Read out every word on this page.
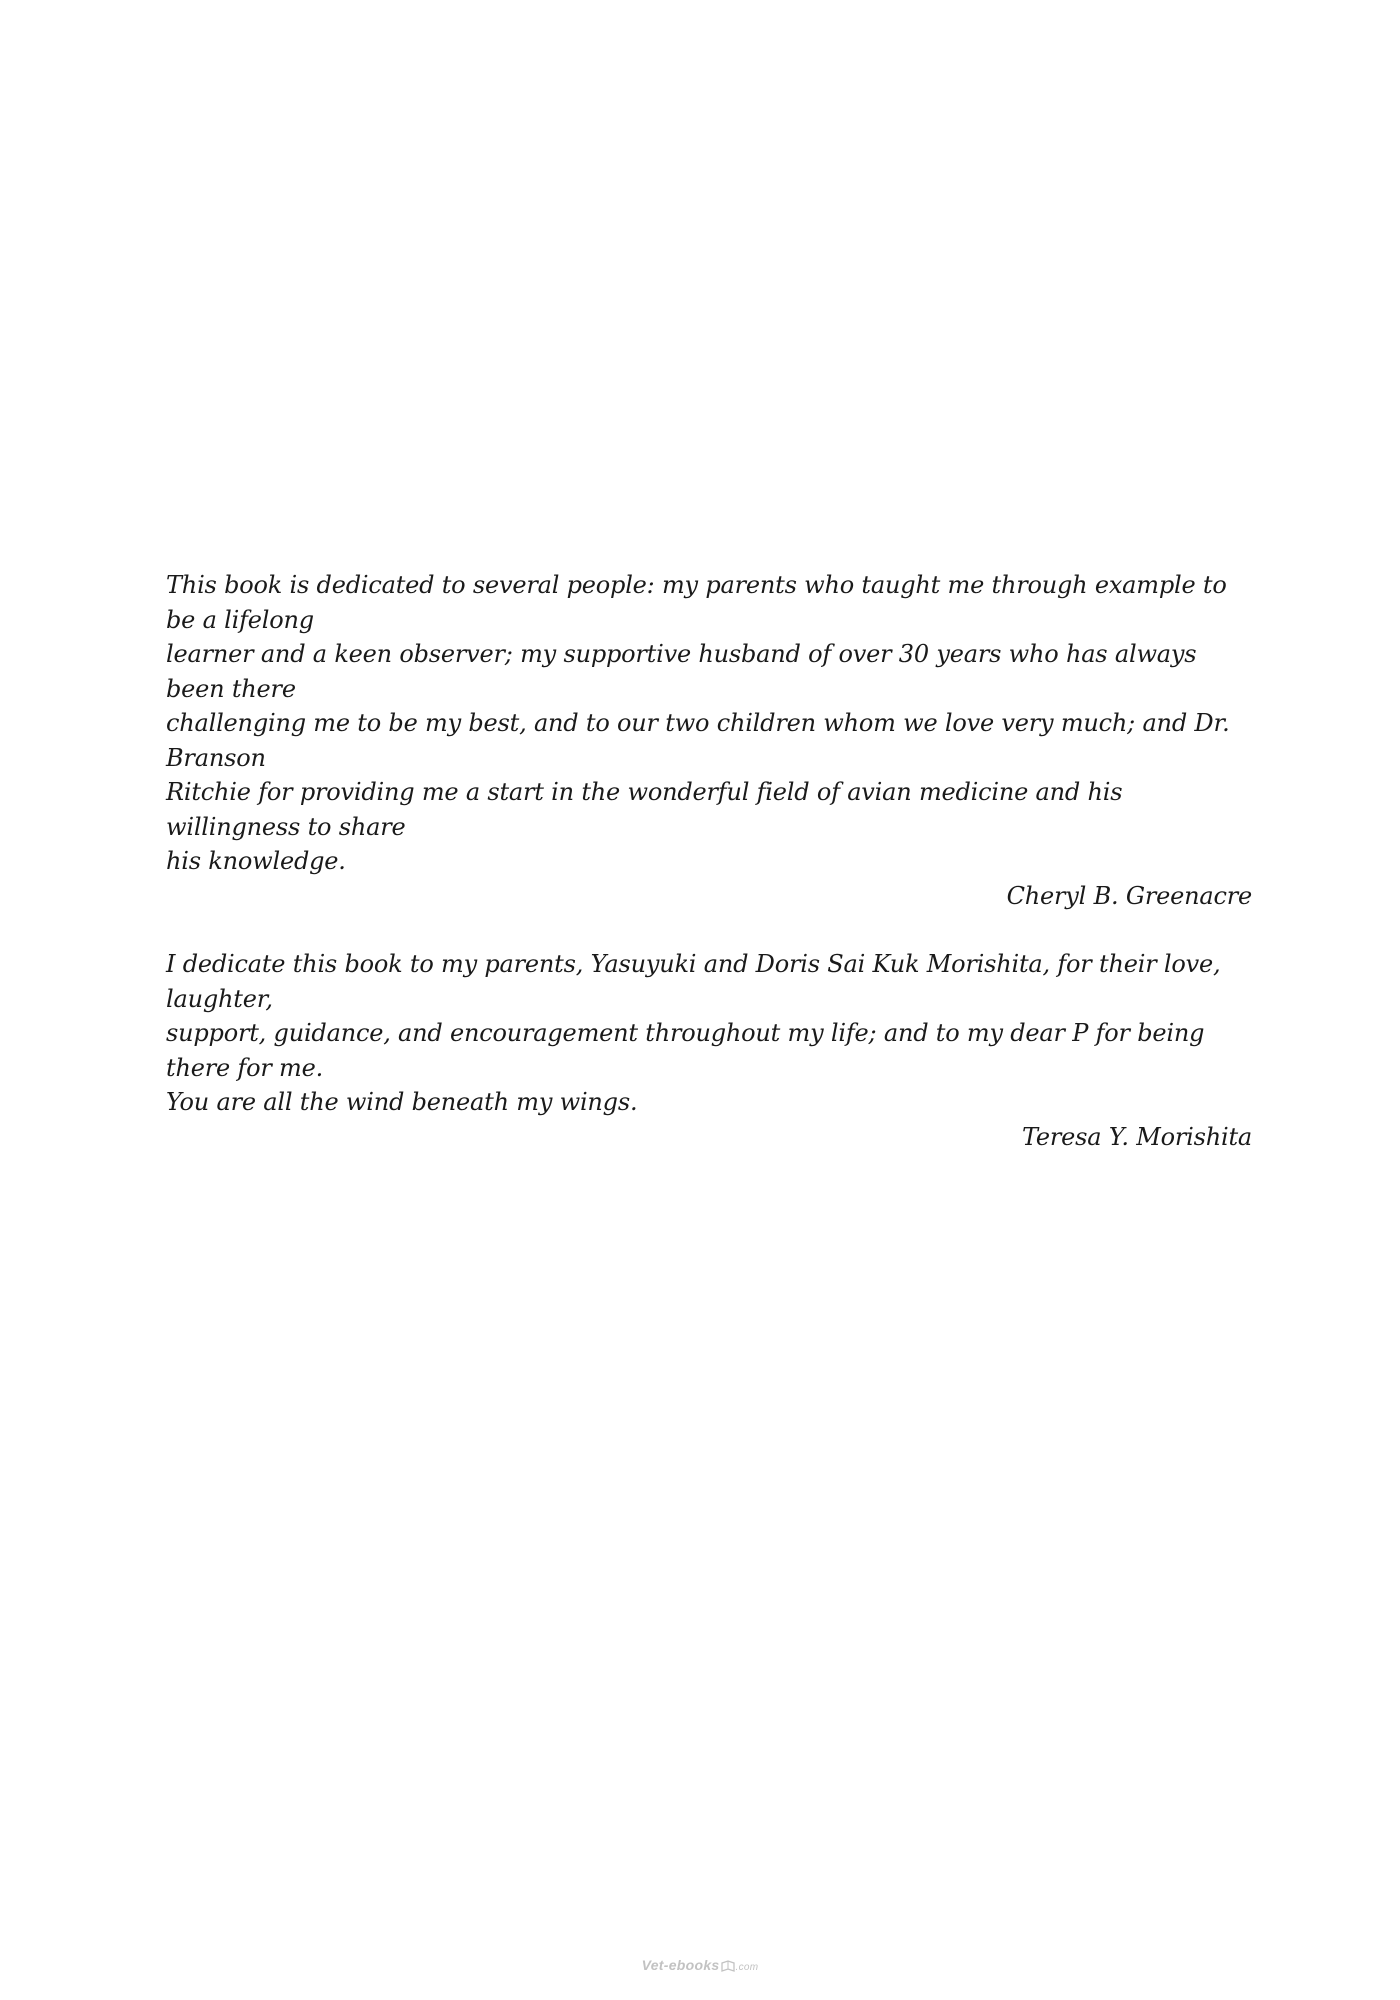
This book is dedicated to several people: my parents who taught me through example to be a lifelong
learner and a keen observer; my supportive husband of over 30 years who has always been there
challenging me to be my best, and to our two children whom we love very much; and Dr. Branson
Ritchie for providing me a start in the wonderful field of avian medicine and his willingness to share
his knowledge.

Cheryl B. Greenacre

I dedicate this book to my parents, Yasuyuki and Doris Sai Kuk Morishita, for their love, laughter,
support, guidance, and encouragement throughout my life; and to my dear P for being there for me.
You are all the wind beneath my wings.

Teresa Y. Morishita

Vet-ebooks .com
